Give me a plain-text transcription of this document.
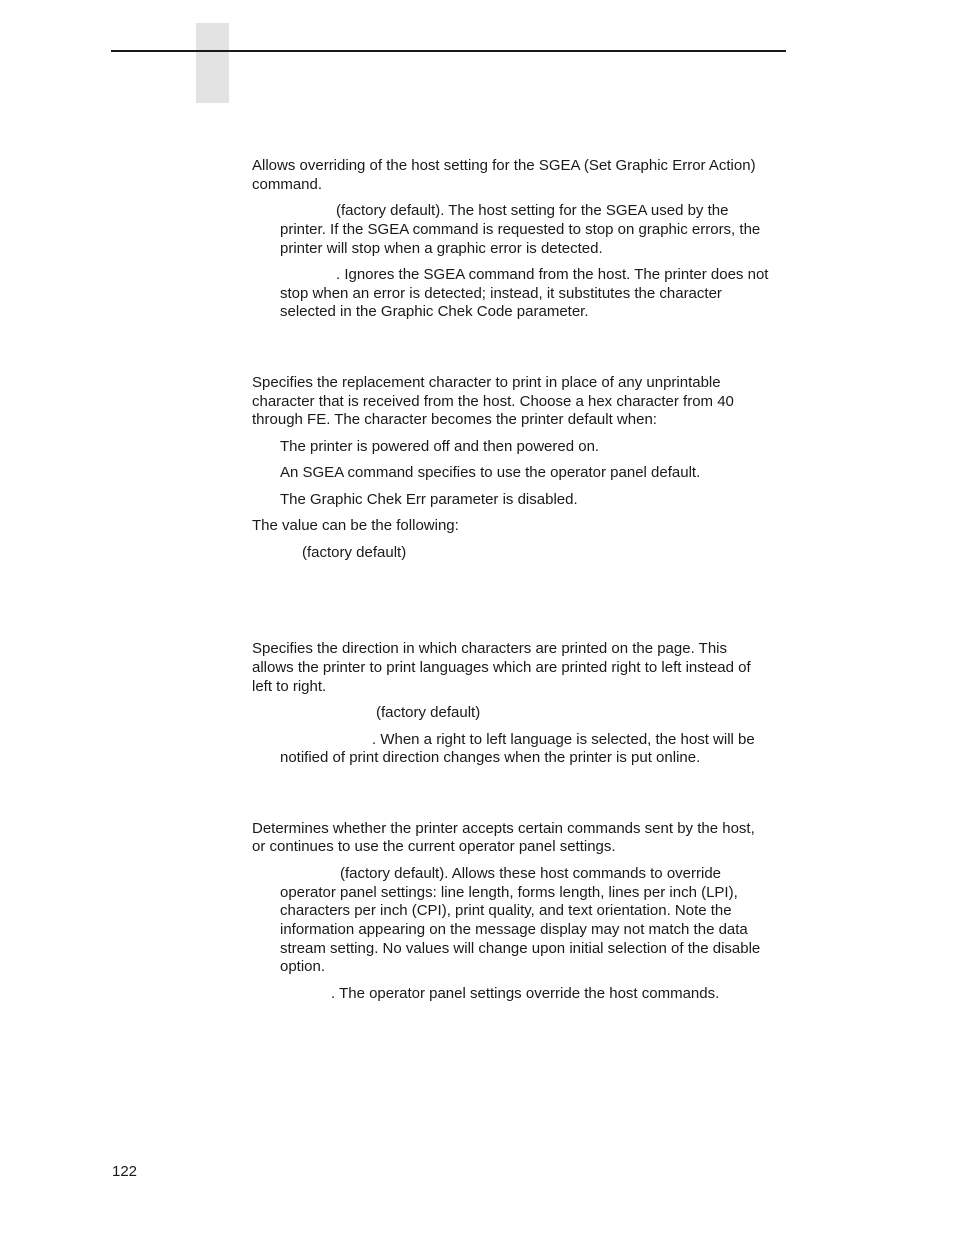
Allows overriding of the host setting for the SGEA (Set Graphic Error Action)

command.

(factory default). The host setting for the SGEA used by the

printer. If the SGEA command is requested to stop on graphic errors, the

printer will stop when a graphic error is detected.

. Ignores the SGEA command from the host. The printer does not

stop when an error is detected; instead, it substitutes the character

selected in the Graphic Chek Code parameter.

Specifies the replacement character to print in place of any unprintable

character that is received from the host. Choose a hex character from 40

through FE. The character becomes the printer default when:

The printer is powered off and then powered on.

An SGEA command specifies to use the operator panel default.

The Graphic Chek Err parameter is disabled.

The value can be the following:

(factory default)

Specifies the direction in which characters are printed on the page. This

allows the printer to print languages which are printed right to left instead of

left to right.

(factory default)

. When a right to left language is selected, the host will be

notified of print direction changes when the printer is put online.

Determines whether the printer accepts certain commands sent by the host,

or continues to use the current operator panel settings.

(factory default). Allows these host commands to override

operator panel settings: line length, forms length, lines per inch (LPI),

characters per inch (CPI), print quality, and text orientation. Note the

information appearing on the message display may not match the data

stream setting. No values will change upon initial selection of the disable

option.

. The operator panel settings override the host commands.

122
